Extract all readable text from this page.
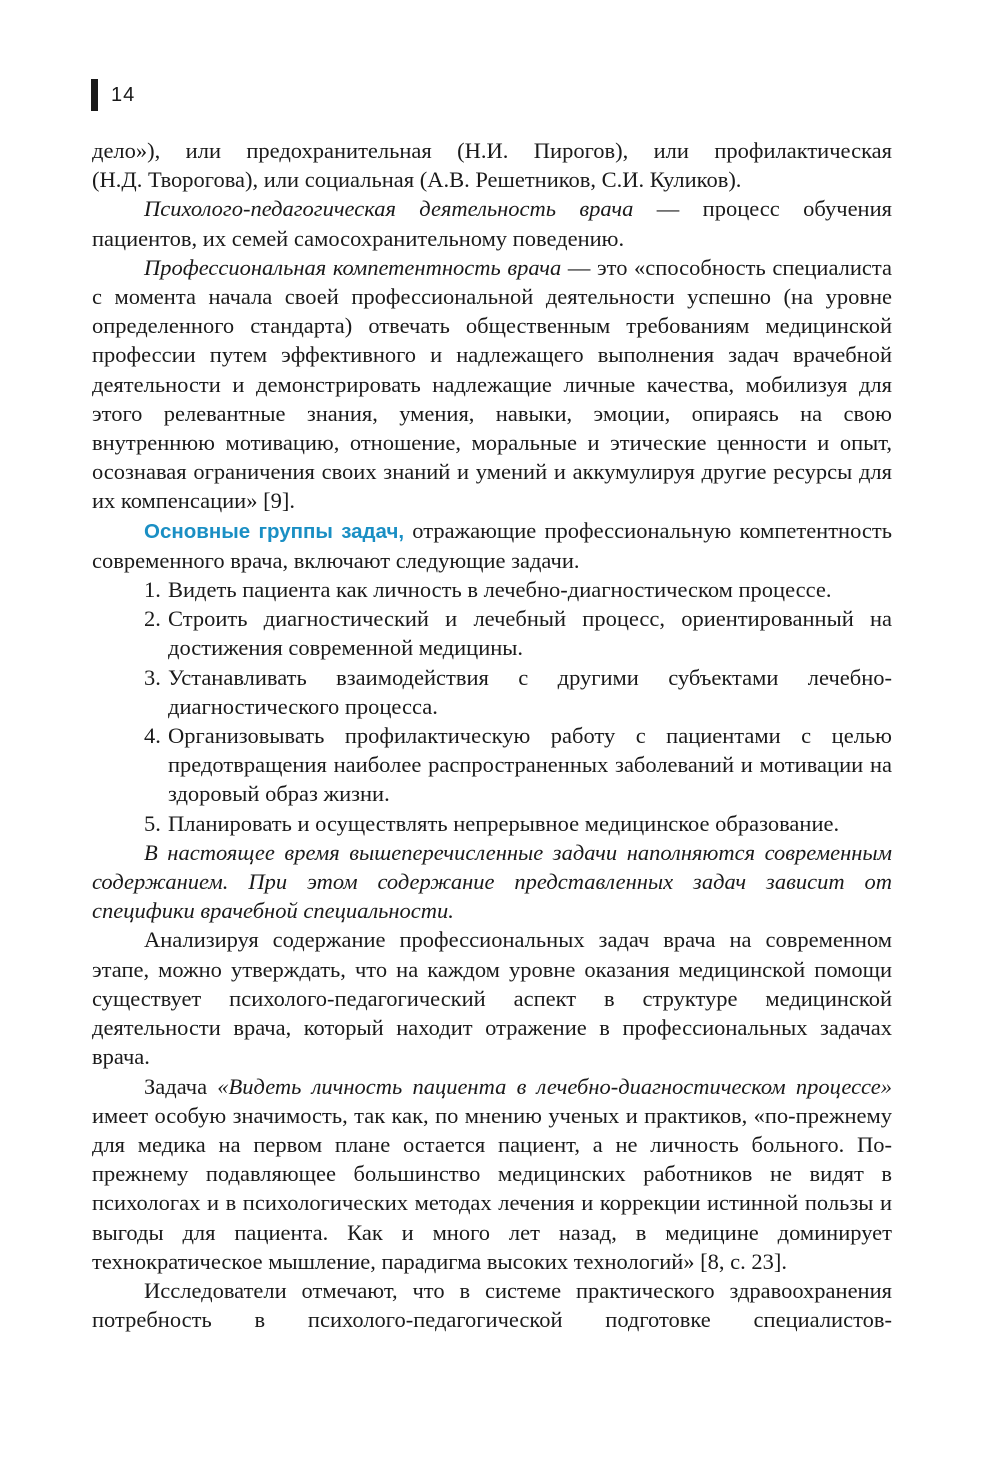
14

дело»), или предохранительная (Н.И. Пирогов), или профилактическая

(Н.Д. Творогова), или социальная (А.В. Решетников, С.И. Куликов).

Психолого-педагогическая деятельность врача — процесс обучения пациентов, их семей самосохранительному поведению.

Профессиональная компетентность врача — это «способность специалиста с момента начала своей профессиональной деятельности успешно (на уровне определенного стандарта) отвечать общественным требованиям медицинской профессии путем эффективного и надлежащего выполнения задач врачебной деятельности и демонстрировать надлежащие личные качества, мобилизуя для этого релевантные знания, умения, навыки, эмоции, опираясь на свою внутреннюю мотивацию, отношение, моральные и этические ценности и опыт, осознавая ограничения своих знаний и умений и аккумулируя другие ресурсы для их компенсации» [9].

Основные группы задач, отражающие профессиональную компетентность современного врача, включают следующие задачи.

1. Видеть пациента как личность в лечебно-диагностическом процессе.

2. Строить диагностический и лечебный процесс, ориентированный на достижения современной медицины.

3. Устанавливать взаимодействия с другими субъектами лечебно-диагностического процесса.

4. Организовывать профилактическую работу с пациентами с целью предотвращения наиболее распространенных заболеваний и мотивации на здоровый образ жизни.

5. Планировать и осуществлять непрерывное медицинское образование.

В настоящее время вышеперечисленные задачи наполняются современным содержанием. При этом содержание представленных задач зависит от специфики врачебной специальности.

Анализируя содержание профессиональных задач врача на современном этапе, можно утверждать, что на каждом уровне оказания медицинской помощи существует психолого-педагогический аспект в структуре медицинской деятельности врача, который находит отражение в профессиональных задачах врача.

Задача «Видеть личность пациента в лечебно-диагностическом процессе» имеет особую значимость, так как, по мнению ученых и практиков, «по-прежнему для медика на первом плане остается пациент, а не личность больного. По-прежнему подавляющее большинство медицинских работников не видят в психологах и в психологических методах лечения и коррекции истинной пользы и выгоды для пациента. Как и много лет назад, в медицине доминирует технократическое мышление, парадигма высоких технологий» [8, с. 23].

Исследователи отмечают, что в системе практического здравоохранения потребность в психолого-педагогической подготовке специалистов-
